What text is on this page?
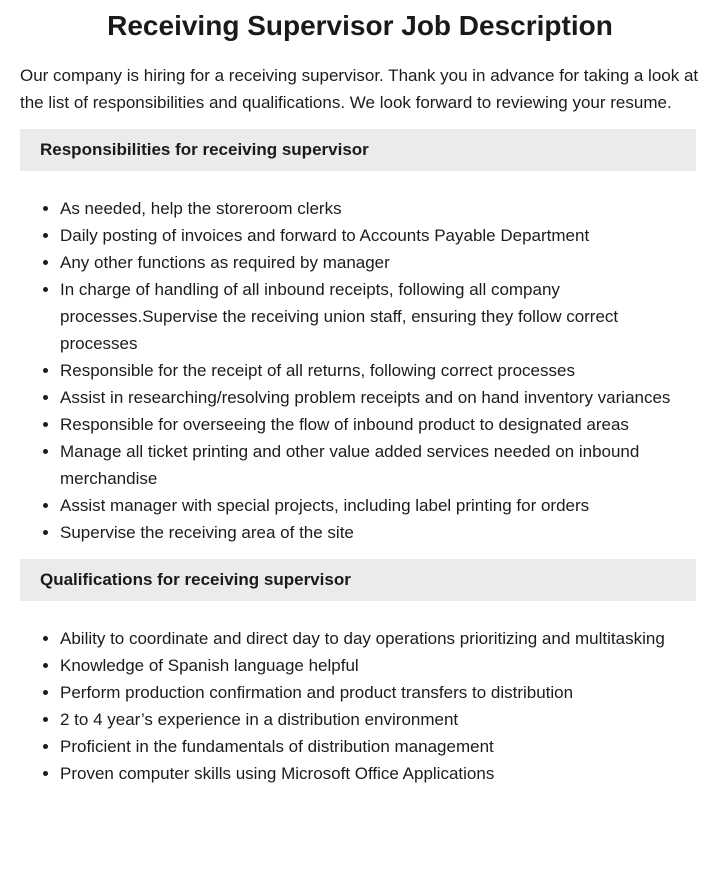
Receiving Supervisor Job Description

Our company is hiring for a receiving supervisor. Thank you in advance for taking a look at the list of responsibilities and qualifications. We look forward to reviewing your resume.

Responsibilities for receiving supervisor
• As needed, help the storeroom clerks
• Daily posting of invoices and forward to Accounts Payable Department
• Any other functions as required by manager
• In charge of handling of all inbound receipts, following all company processes.Supervise the receiving union staff, ensuring they follow correct processes
• Responsible for the receipt of all returns, following correct processes
• Assist in researching/resolving problem receipts and on hand inventory variances
• Responsible for overseeing the flow of inbound product to designated areas
• Manage all ticket printing and other value added services needed on inbound merchandise
• Assist manager with special projects, including label printing for orders
• Supervise the receiving area of the site
Qualifications for receiving supervisor
• Ability to coordinate and direct day to day operations prioritizing and multitasking
• Knowledge of Spanish language helpful
• Perform production confirmation and product transfers to distribution
• 2 to 4 year’s experience in a distribution environment
• Proficient in the fundamentals of distribution management
• Proven computer skills using Microsoft Office Applications
